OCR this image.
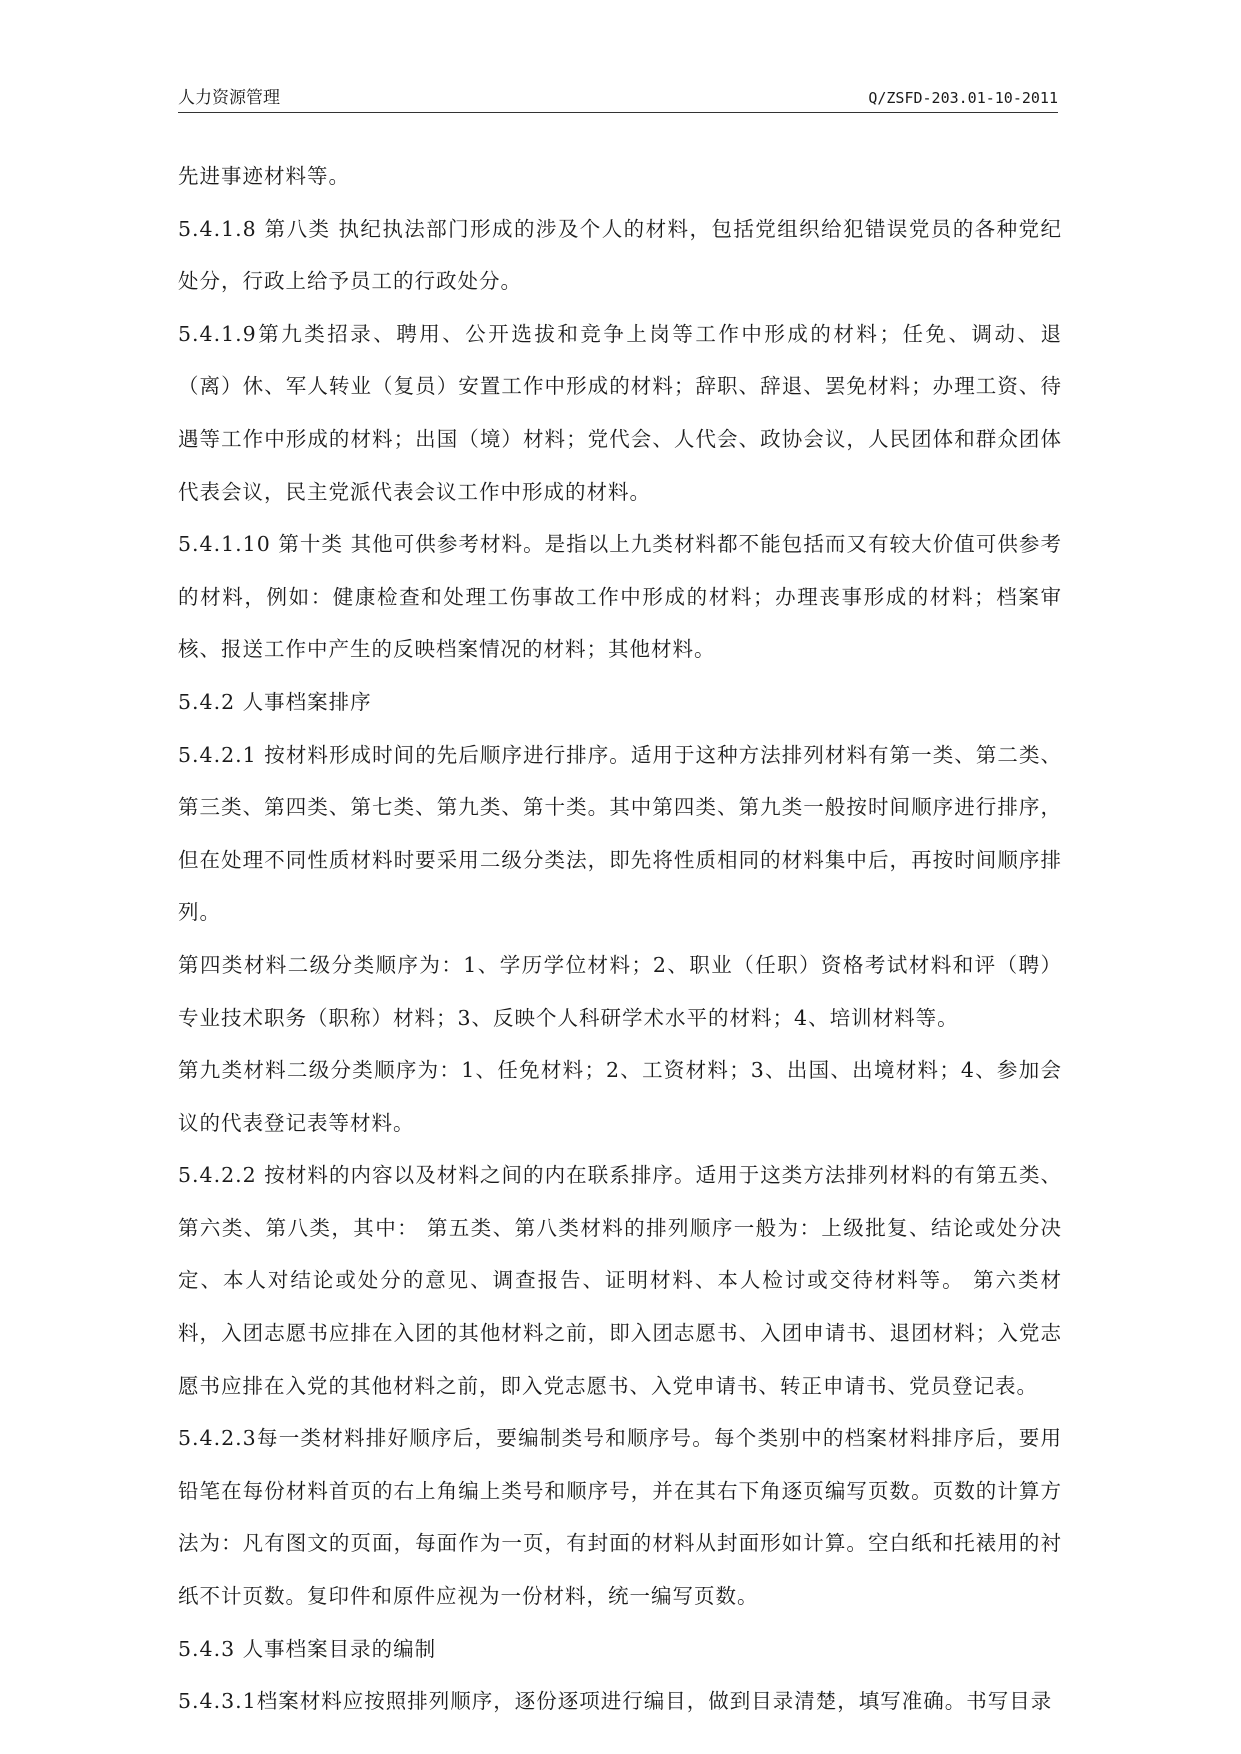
人力资源管理	Q/ZSFD-203.01-10-2011

先进事迹材料等。

5.4.1.8 第八类 执纪执法部门形成的涉及个人的材料，包括党组织给犯错误党员的各种党纪处分，行政上给予员工的行政处分。

5.4.1.9第九类招录、聘用、公开选拔和竞争上岗等工作中形成的材料；任免、调动、退（离）休、军人转业（复员）安置工作中形成的材料；辞职、辞退、罢免材料；办理工资、待遇等工作中形成的材料；出国（境）材料；党代会、人代会、政协会议，人民团体和群众团体代表会议，民主党派代表会议工作中形成的材料。

5.4.1.10 第十类 其他可供参考材料。是指以上九类材料都不能包括而又有较大价值可供参考的材料，例如：健康检查和处理工伤事故工作中形成的材料；办理丧事形成的材料；档案审核、报送工作中产生的反映档案情况的材料；其他材料。

5.4.2 人事档案排序

5.4.2.1 按材料形成时间的先后顺序进行排序。适用于这种方法排列材料有第一类、第二类、第三类、第四类、第七类、第九类、第十类。其中第四类、第九类一般按时间顺序进行排序，但在处理不同性质材料时要采用二级分类法，即先将性质相同的材料集中后，再按时间顺序排列。

第四类材料二级分类顺序为：1、学历学位材料；2、职业（任职）资格考试材料和评（聘）专业技术职务（职称）材料；3、反映个人科研学术水平的材料；4、培训材料等。

第九类材料二级分类顺序为：1、任免材料；2、工资材料；3、出国、出境材料；4、参加会议的代表登记表等材料。

5.4.2.2 按材料的内容以及材料之间的内在联系排序。适用于这类方法排列材料的有第五类、第六类、第八类，其中： 第五类、第八类材料的排列顺序一般为：上级批复、结论或处分决定、本人对结论或处分的意见、调查报告、证明材料、本人检讨或交待材料等。 第六类材料，入团志愿书应排在入团的其他材料之前，即入团志愿书、入团申请书、退团材料；入党志愿书应排在入党的其他材料之前，即入党志愿书、入党申请书、转正申请书、党员登记表。

5.4.2.3每一类材料排好顺序后，要编制类号和顺序号。每个类别中的档案材料排序后，要用铅笔在每份材料首页的右上角编上类号和顺序号，并在其右下角逐页编写页数。页数的计算方法为：凡有图文的页面，每面作为一页，有封面的材料从封面形如计算。空白纸和托裱用的衬纸不计页数。复印件和原件应视为一份材料，统一编写页数。

5.4.3 人事档案目录的编制

5.4.3.1档案材料应按照排列顺序，逐份逐项进行编目，做到目录清楚，填写准确。书写目录
